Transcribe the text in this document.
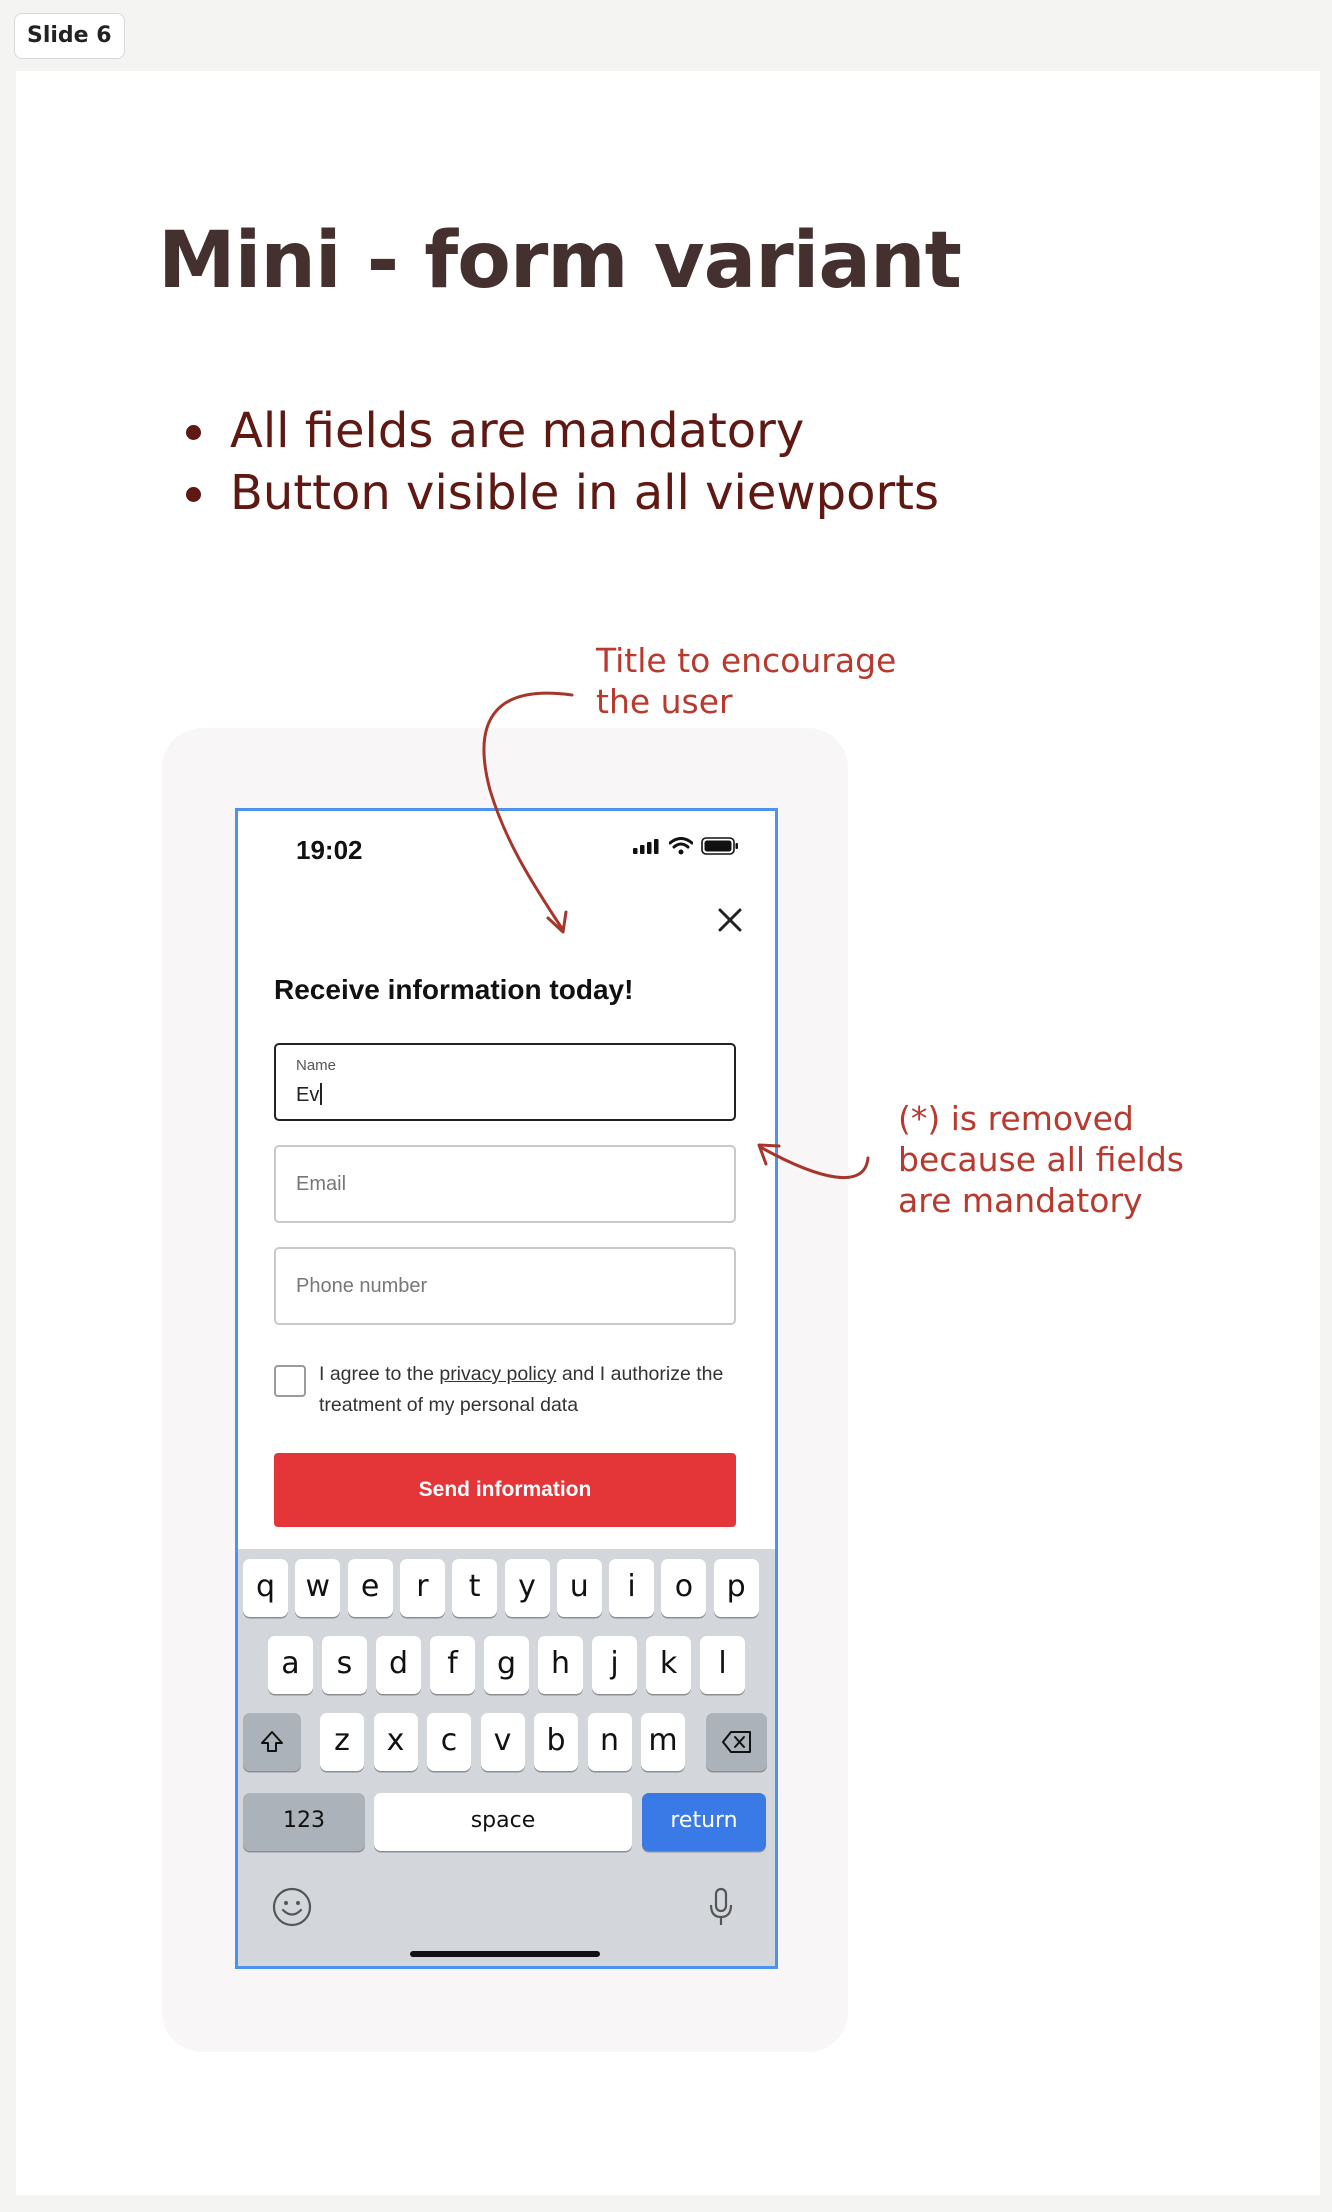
Slide 6
Mini - form variant
All fields are mandatory
Button visible in all viewports

Title to encourage
the user

(*) is removed
because all fields
are mandatory

19:02
Receive information today!
Name
Ev
Email
Phone number
I agree to the privacy policy and I authorize the treatment of my personal data
Send information
q	w	e	r	t	y	u	i	o	p
a	s	d	f	g	h	j	k	l
z	x	c	v	b	n m
123	space	return
